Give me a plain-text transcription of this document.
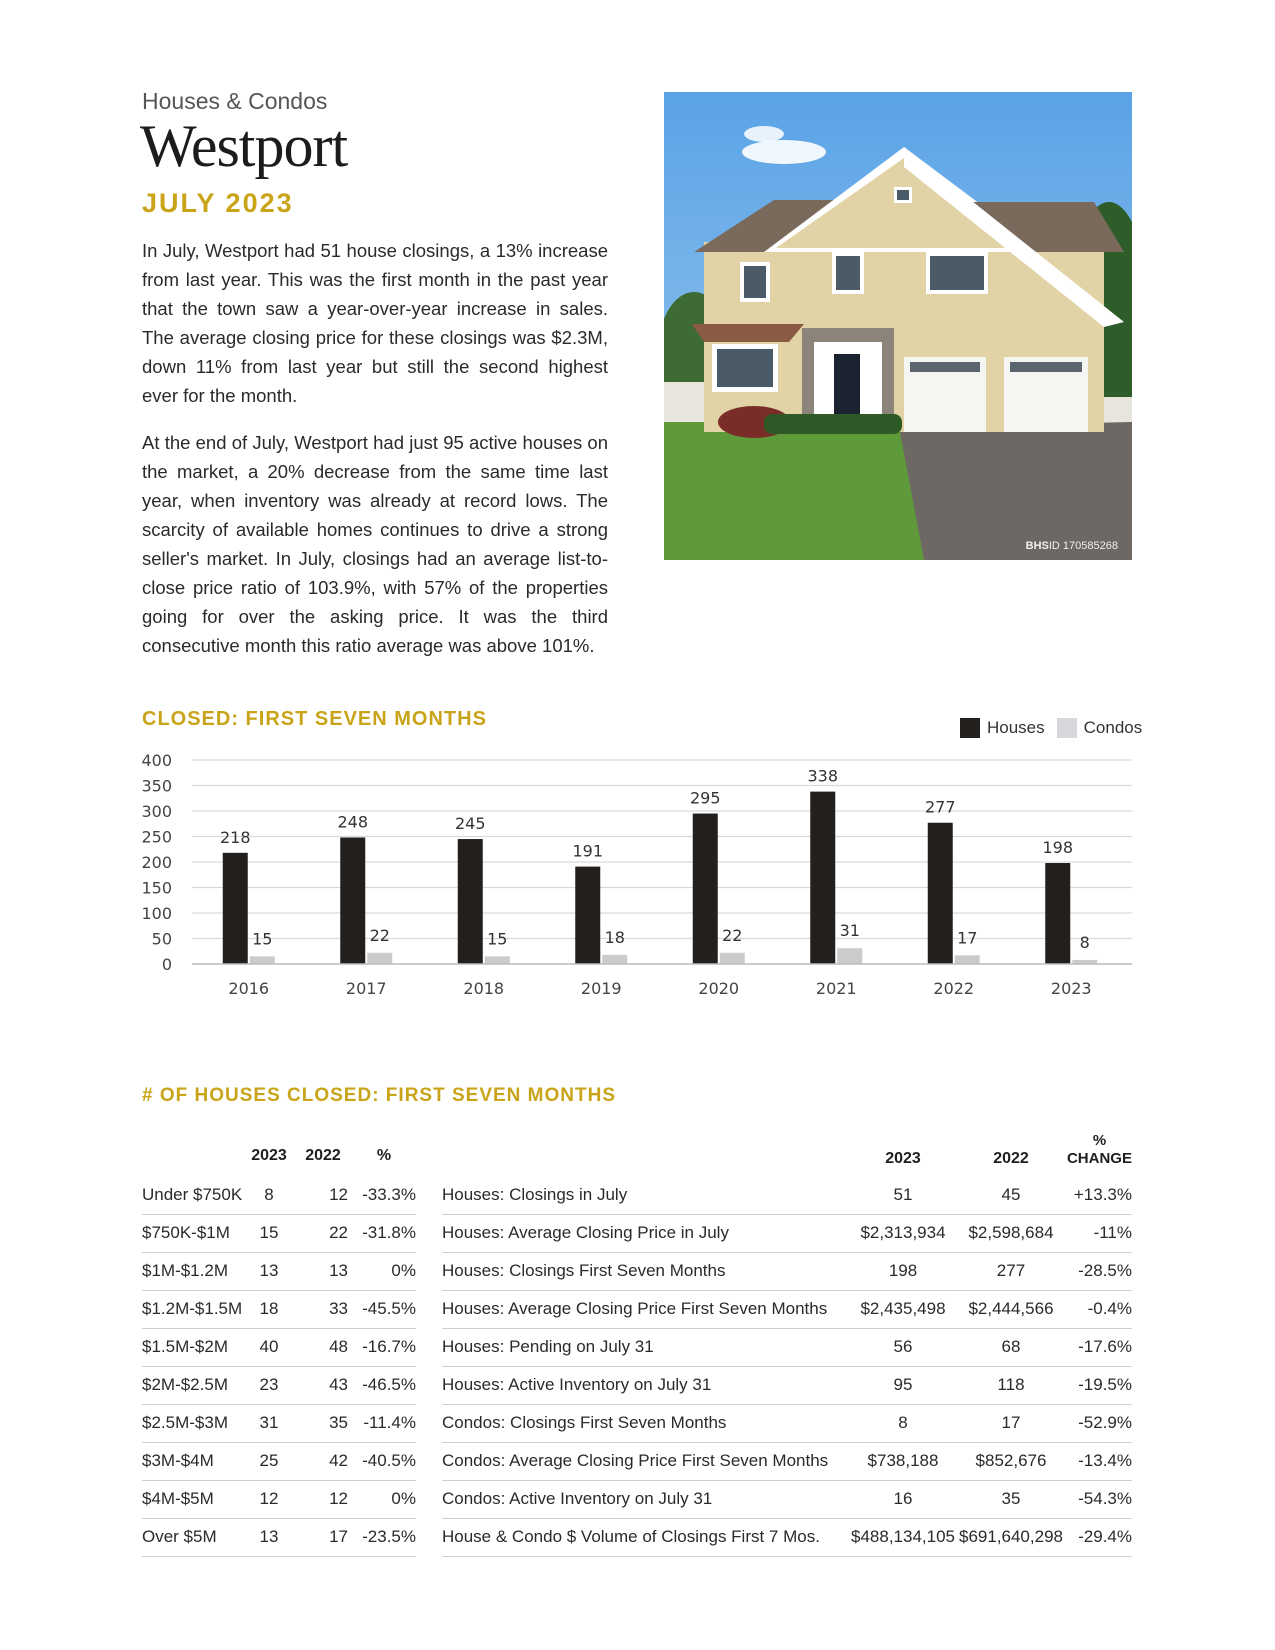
Houses & Condos
Westport
JULY 2023

In July, Westport had 51 house closings, a 13% increase from last year. This was the first month in the past year that the town saw a year-over-year increase in sales. The average closing price for these closings was $2.3M, down 11% from last year but still the second highest ever for the month.

At the end of July, Westport had just 95 active houses on the market, a 20% decrease from the same time last year, when inventory was already at record lows. The scarcity of available homes continues to drive a strong seller's market. In July, closings had an average list-to-close price ratio of 103.9%, with 57% of the properties going for over the asking price. It was the third consecutive month this ratio average was above 101%.

BHSID 170585268
CLOSED: FIRST SEVEN MONTHS	Houses Condos
0
50
100
150
200
250
300
350
400
218
15
2016
248
22
2017
245
15
2018
191
18
2019
295
22
2020
338
31
2021
277
17
2022
198
8
2023
# OF HOUSES CLOSED: FIRST SEVEN MONTHS
	2023	2022	%
Under $750K	8	12	-33.3%
$750K-$1M	15	22	-31.8%
$1M-$1.2M	13	13	0%
$1.2M-$1.5M	18	33	-45.5%
$1.5M-$2M	40	48	-16.7%
$2M-$2.5M	23	43	-46.5%
$2.5M-$3M	31	35	-11.4%
$3M-$4M	25	42	-40.5%
$4M-$5M	12	12	0%
Over $5M	13	17	-23.5%
	2023	2022	%
CHANGE
Houses: Closings in July	51	45	+13.3%
Houses: Average Closing Price in July	$2,313,934	$2,598,684	-11%
Houses: Closings First Seven Months	198	277	-28.5%
Houses: Average Closing Price First Seven Months	$2,435,498	$2,444,566	-0.4%
Houses: Pending on July 31	56	68	-17.6%
Houses: Active Inventory on July 31	95	118	-19.5%
Condos: Closings First Seven Months	8	17	-52.9%
Condos: Average Closing Price First Seven Months	$738,188	$852,676	-13.4%
Condos: Active Inventory on July 31	16	35	-54.3%
House & Condo $ Volume of Closings First 7 Mos.	$488,134,105	$691,640,298	-29.4%
